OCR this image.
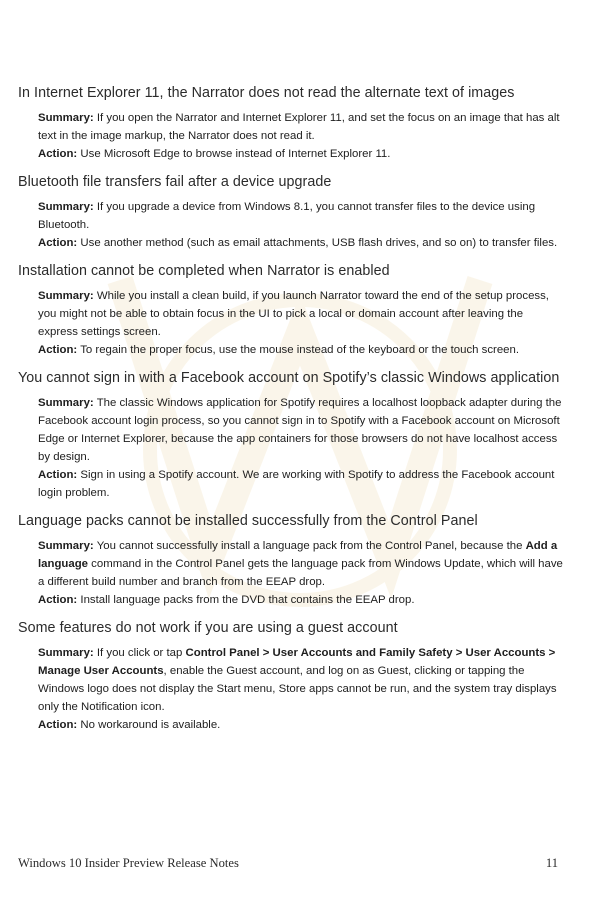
In Internet Explorer 11, the Narrator does not read the alternate text of images

Summary: If you open the Narrator and Internet Explorer 11, and set the focus on an image that has alt text in the image markup, the Narrator does not read it.

Action: Use Microsoft Edge to browse instead of Internet Explorer 11.

Bluetooth file transfers fail after a device upgrade

Summary: If you upgrade a device from Windows 8.1, you cannot transfer files to the device using Bluetooth.

Action: Use another method (such as email attachments, USB flash drives, and so on) to transfer files.

Installation cannot be completed when Narrator is enabled

Summary: While you install a clean build, if you launch Narrator toward the end of the setup process, you might not be able to obtain focus in the UI to pick a local or domain account after leaving the express settings screen.

Action: To regain the proper focus, use the mouse instead of the keyboard or the touch screen.

You cannot sign in with a Facebook account on Spotify’s classic Windows application

Summary: The classic Windows application for Spotify requires a localhost loopback adapter during the Facebook account login process, so you cannot sign in to Spotify with a Facebook account on Microsoft Edge or Internet Explorer, because the app containers for those browsers do not have localhost access by design.

Action: Sign in using a Spotify account. We are working with Spotify to address the Facebook account login problem.

Language packs cannot be installed successfully from the Control Panel

Summary: You cannot successfully install a language pack from the Control Panel, because the Add a language command in the Control Panel gets the language pack from Windows Update, which will have a different build number and branch from the EEAP drop.

Action: Install language packs from the DVD that contains the EEAP drop.

Some features do not work if you are using a guest account

Summary: If you click or tap Control Panel > User Accounts and Family Safety > User Accounts > Manage User Accounts, enable the Guest account, and log on as Guest, clicking or tapping the Windows logo does not display the Start menu, Store apps cannot be run, and the system tray displays only the Notification icon.

Action: No workaround is available.

Windows 10 Insider Preview Release Notes	11
